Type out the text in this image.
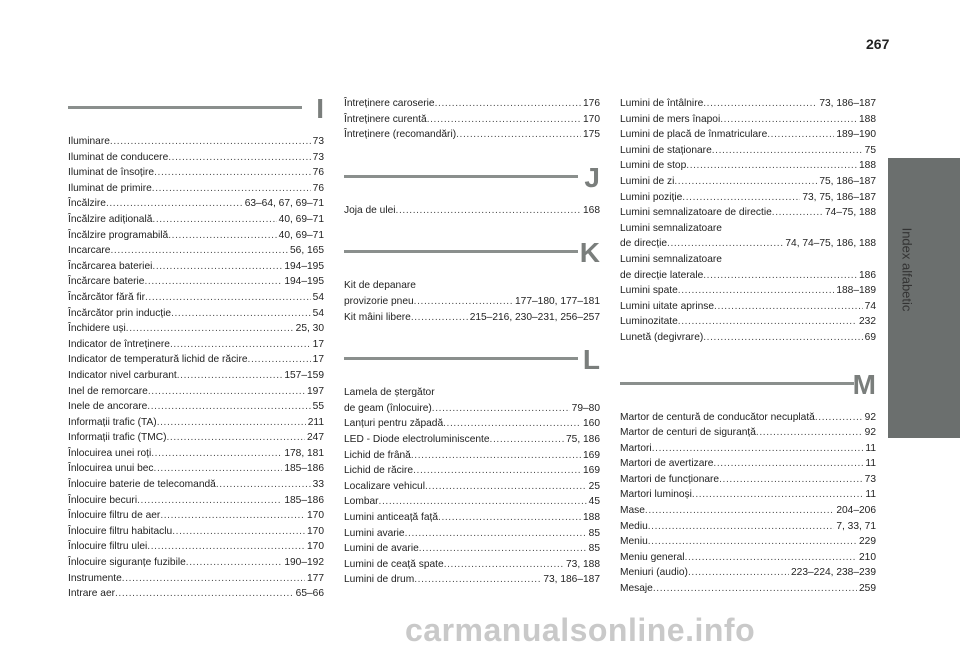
267
Index alfabetic
I
Iluminare .....	73
Iluminat de conducere .....	73
Iluminat de însoțire .....	76
Iluminat de primire .....	76
Încălzire .....	63–64, 67, 69–71
Încălzire adițională .....	40, 69–71
Încălzire programabilă .....	40, 69–71
Incarcare .....	56, 165
Încărcarea bateriei .....	194–195
Încărcare baterie .....	194–195
Încărcător fără fir .....	54
Încărcător prin inducție .....	54
Închidere uși .....	25, 30
Indicator de întreținere .....	17
Indicator de temperatură lichid de răcire .....	17
Indicator nivel carburant .....	157–159
Inel de remorcare .....	197
Inele de ancorare .....	55
Informații trafic (TA) .....	211
Informații trafic (TMC) .....	247
Înlocuirea unei roți .....	178, 181
Înlocuirea unui bec .....	185–186
Înlocuire baterie de telecomandă .....	33
Înlocuire becuri .....	185–186
Înlocuire filtru de aer .....	170
Înlocuire filtru habitaclu .....	170
Înlocuire filtru ulei .....	170
Înlocuire siguranțe fuzibile .....	190–192
Instrumente .....	177
Intrare aer .....	65–66
Întreținere caroserie .....	176
Întreținere curentă .....	170
Întreținere (recomandări) .....	175
J
Joja de ulei .....	168
K
Kit de depanare
provizorie pneu .....	177–180, 177–181
Kit mâini libere .....	215–216, 230–231, 256–257
L
Lamela de ștergător
de geam (înlocuire) .....	79–80
Lanțuri pentru zăpadă .....	160
LED - Diode electroluminiscente .....	75, 186
Lichid de frână .....	169
Lichid de răcire .....	169
Localizare vehicul .....	25
Lombar .....	45
Lumini anticeață față .....	188
Lumini avarie .....	85
Lumini de avarie .....	85
Lumini de ceață spate .....	73, 188
Lumini de drum .....	73, 186–187
Lumini de întâlnire .....	73, 186–187
Lumini de mers înapoi .....	188
Lumini de placă de înmatriculare .....	189–190
Lumini de staționare .....	75
Lumini de stop .....	188
Lumini de zi .....	75, 186–187
Lumini poziție .....	73, 75, 186–187
Lumini semnalizatoare de directie .....	74–75, 188
Lumini semnalizatoare
de direcție .....	74, 74–75, 186, 188
Lumini semnalizatoare
de direcție laterale .....	186
Lumini spate .....	188–189
Lumini uitate aprinse .....	74
Luminozitate .....	232
Lunetă (degivrare) .....	69
M
Martor de centură de conducător necuplată .....	92
Martor de centuri de siguranță .....	92
Martori .....	11
Martori de avertizare .....	11
Martori de funcționare .....	73
Martori luminoși .....	11
Mase .....	204–206
Mediu .....	7, 33, 71
Meniu .....	229
Meniu general .....	210
Meniuri (audio) .....	223–224, 238–239
Mesaje .....	259
carmanualsonline.info
